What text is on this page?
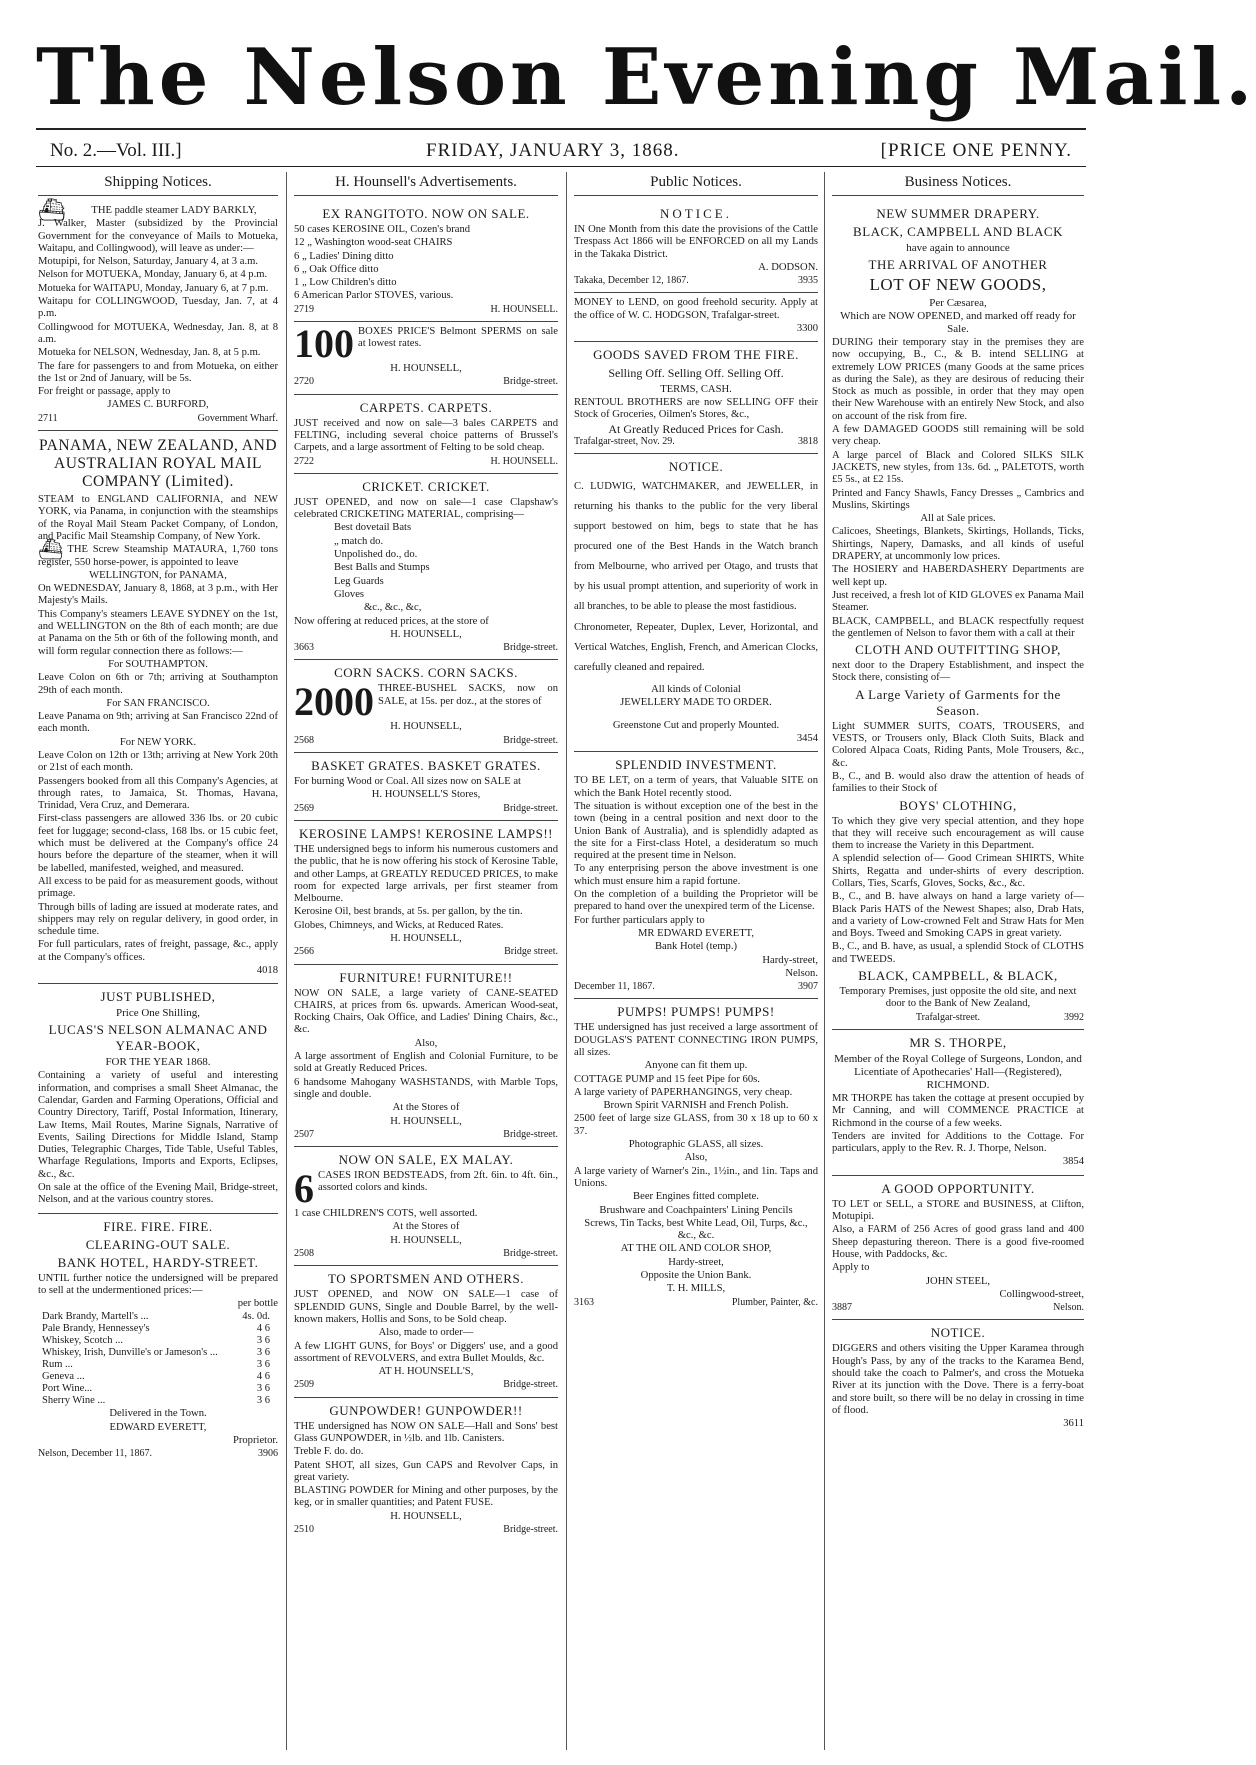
The Nelson Evening Mail.
No. 2.—Vol. III.]	FRIDAY, JANUARY 3, 1868.	[PRICE ONE PENNY.
Shipping Notices.
⛴	THE paddle steamer LADY BARKLY,
J. Walker, Master (subsidized by the Provincial Government for the conveyance of Mails to Motueka, Waitapu, and Collingwood), will leave as under:—
Motupipi, for Nelson, Saturday, January 4, at 3 a.m.
Nelson for MOTUEKA, Monday, January 6, at 4 p.m.
Motueka for WAITAPU, Monday, January 6, at 7 p.m.
Waitapu for COLLINGWOOD, Tuesday, Jan. 7, at 4 p.m.
Collingwood for MOTUEKA, Wednesday, Jan. 8, at 8 a.m.
Motueka for NELSON, Wednesday, Jan. 8, at 5 p.m.
The fare for passengers to and from Motueka, on either the 1st or 2nd of January, will be 5s.
For freight or passage, apply to
JAMES C. BURFORD,
2711	Government Wharf.
PANAMA, NEW ZEALAND, AND AUSTRALIAN ROYAL MAIL COMPANY (Limited).
STEAM to ENGLAND CALIFORNIA, and NEW YORK, via Panama, in conjunction with the steamships of the Royal Mail Steam Packet Company, of London, and Pacific Mail Steamship Company, of New York.
⛴ THE Screw Steamship MATAURA, 1,760 tons register, 550 horse-power, is appointed to leave
WELLINGTON, for PANAMA,
On WEDNESDAY, January 8, 1868, at 3 p.m., with Her Majesty's Mails.
This Company's steamers LEAVE SYDNEY on the 1st, and WELLINGTON on the 8th of each month; are due at Panama on the 5th or 6th of the following month, and will form regular connection there as follows:—
For SOUTHAMPTON.
Leave Colon on 6th or 7th; arriving at Southampton 29th of each month.
For SAN FRANCISCO.
Leave Panama on 9th; arriving at San Francisco 22nd of each month.
For NEW YORK.
Leave Colon on 12th or 13th; arriving at New York 20th or 21st of each month.
Passengers booked from all this Company's Agencies, at through rates, to Jamaica, St. Thomas, Havana, Trinidad, Vera Cruz, and Demerara.
First-class passengers are allowed 336 lbs. or 20 cubic feet for luggage; second-class, 168 lbs. or 15 cubic feet, which must be delivered at the Company's office 24 hours before the departure of the steamer, when it will be labelled, manifested, weighed, and measured.
All excess to be paid for as measurement goods, without primage.
Through bills of lading are issued at moderate rates, and shippers may rely on regular delivery, in good order, in schedule time.
For full particulars, rates of freight, passage, &c., apply at the Company's offices.
4018
JUST PUBLISHED,
Price One Shilling,
LUCAS'S NELSON ALMANAC AND YEAR-BOOK,
FOR THE YEAR 1868.
Containing a variety of useful and interesting information, and comprises a small Sheet Almanac, the Calendar, Garden and Farming Operations, Official and Country Directory, Tariff, Postal Information, Itinerary, Law Items, Mail Routes, Marine Signals, Narrative of Events, Sailing Directions for Middle Island, Stamp Duties, Telegraphic Charges, Tide Table, Useful Tables, Wharfage Regulations, Imports and Exports, Eclipses, &c., &c.
On sale at the office of the Evening Mail, Bridge-street, Nelson, and at the various country stores.
FIRE. FIRE. FIRE.
CLEARING-OUT SALE.
BANK HOTEL, HARDY-STREET.
UNTIL further notice the undersigned will be prepared to sell at the undermentioned prices:—
per bottle
Dark Brandy, Martell's ...	4s. 0d.
Pale Brandy, Hennessey's	4 6
Whiskey, Scotch ...	3 6
Whiskey, Irish, Dunville's or Jameson's ...	3 6
Rum ...	3 6
Geneva ...	4 6
Port Wine...	3 6
Sherry Wine ...	3 6
Delivered in the Town.
EDWARD EVERETT,
Proprietor.
Nelson, December 11, 1867.	3906
H. Hounsell's Advertisements.
EX RANGITOTO. NOW ON SALE.
50 cases KEROSINE OIL, Cozen's brand
12 „ Washington wood-seat CHAIRS
6 „ Ladies' Dining ditto
6 „ Oak Office ditto
1 „ Low Children's ditto
6 American Parlor STOVES, various.
2719	H. HOUNSELL.
100 BOXES PRICE'S Belmont SPERMS on sale at lowest rates.
H. HOUNSELL,
2720	Bridge-street.
CARPETS. CARPETS.
JUST received and now on sale—3 bales CARPETS and FELTING, including several choice patterns of Brussel's Carpets, and a large assortment of Felting to be sold cheap.
2722	H. HOUNSELL.
CRICKET. CRICKET.
JUST OPENED, and now on sale—1 case Clapshaw's celebrated CRICKETING MATERIAL, comprising—
Best dovetail Bats
„ match do.
Unpolished do., do.
Best Balls and Stumps
Leg Guards
Gloves
&c., &c., &c,
Now offering at reduced prices, at the store of
H. HOUNSELL,
3663	Bridge-street.
CORN SACKS. CORN SACKS.
2000 THREE-BUSHEL SACKS, now on SALE, at 15s. per doz., at the stores of
H. HOUNSELL,
2568	Bridge-street.
BASKET GRATES. BASKET GRATES.
For burning Wood or Coal. All sizes now on SALE at
H. HOUNSELL'S Stores,
2569	Bridge-street.
KEROSINE LAMPS! KEROSINE LAMPS!!
THE undersigned begs to inform his numerous customers and the public, that he is now offering his stock of Kerosine Table, and other Lamps, at GREATLY REDUCED PRICES, to make room for expected large arrivals, per first steamer from Melbourne.
Kerosine Oil, best brands, at 5s. per gallon, by the tin.
Globes, Chimneys, and Wicks, at Reduced Rates.
H. HOUNSELL,
2566	Bridge street.
FURNITURE! FURNITURE!!
NOW ON SALE, a large variety of CANE-SEATED CHAIRS, at prices from 6s. upwards. American Wood-seat, Rocking Chairs, Oak Office, and Ladies' Dining Chairs, &c., &c.
Also,
A large assortment of English and Colonial Furniture, to be sold at Greatly Reduced Prices.
6 handsome Mahogany WASHSTANDS, with Marble Tops, single and double.
At the Stores of
H. HOUNSELL,
2507	Bridge-street.
NOW ON SALE, EX MALAY.
6 CASES IRON BEDSTEADS, from 2ft. 6in. to 4ft. 6in., assorted colors and kinds.
1 case CHILDREN'S COTS, well assorted.
At the Stores of
H. HOUNSELL,
2508	Bridge-street.
TO SPORTSMEN AND OTHERS.
JUST OPENED, and NOW ON SALE—1 case of SPLENDID GUNS, Single and Double Barrel, by the well-known makers, Hollis and Sons, to be Sold cheap.
Also, made to order—
A few LIGHT GUNS, for Boys' or Diggers' use, and a good assortment of REVOLVERS, and extra Bullet Moulds, &c.
AT H. HOUNSELL'S,
2509	Bridge-street.
GUNPOWDER! GUNPOWDER!!
THE undersigned has NOW ON SALE—Hall and Sons' best Glass GUNPOWDER, in ½lb. and 1lb. Canisters.
Treble F. do. do.
Patent SHOT, all sizes, Gun CAPS and Revolver Caps, in great variety.
BLASTING POWDER for Mining and other purposes, by the keg, or in smaller quantities; and Patent FUSE.
H. HOUNSELL,
2510	Bridge-street.
Public Notices.
NOTICE.
IN One Month from this date the provisions of the Cattle Trespass Act 1866 will be ENFORCED on all my Lands in the Takaka District.
A. DODSON.
Takaka, December 12, 1867.	3935
MONEY to LEND, on good freehold security. Apply at the office of W. C. HODGSON, Trafalgar-street.
3300
GOODS SAVED FROM THE FIRE.
Selling Off. Selling Off. Selling Off.
TERMS, CASH.
RENTOUL BROTHERS are now SELLING OFF their Stock of Groceries, Oilmen's Stores, &c.,
At Greatly Reduced Prices for Cash.
Trafalgar-street, Nov. 29.	3818
NOTICE.
C. LUDWIG, WATCHMAKER, and JEWELLER, in returning his thanks to the public for the very liberal support bestowed on him, begs to state that he has procured one of the Best Hands in the Watch branch from Melbourne, who arrived per Otago, and trusts that by his usual prompt attention, and superiority of work in all branches, to be able to please the most fastidious.
Chronometer, Repeater, Duplex, Lever, Horizontal, and Vertical Watches, English, French, and American Clocks, carefully cleaned and repaired.
All kinds of Colonial
JEWELLERY MADE TO ORDER.
Greenstone Cut and properly Mounted.
3454
SPLENDID INVESTMENT.
TO BE LET, on a term of years, that Valuable SITE on which the Bank Hotel recently stood.
The situation is without exception one of the best in the town (being in a central position and next door to the Union Bank of Australia), and is splendidly adapted as the site for a First-class Hotel, a desideratum so much required at the present time in Nelson.
To any enterprising person the above investment is one which must ensure him a rapid fortune.
On the completion of a building the Proprietor will be prepared to hand over the unexpired term of the License.
For further particulars apply to
MR EDWARD EVERETT,
Bank Hotel (temp.)
Hardy-street,
Nelson.
December 11, 1867.	3907
PUMPS! PUMPS! PUMPS!
THE undersigned has just received a large assortment of DOUGLAS'S PATENT CONNECTING IRON PUMPS, all sizes.
Anyone can fit them up.
COTTAGE PUMP and 15 feet Pipe for 60s.
A large variety of PAPERHANGINGS, very cheap.
Brown Spirit VARNISH and French Polish.
2500 feet of large size GLASS, from 30 x 18 up to 60 x 37.
Photographic GLASS, all sizes.
Also,
A large variety of Warner's 2in., 1½in., and 1in. Taps and Unions.
Beer Engines fitted complete.
Brushware and Coachpainters' Lining Pencils
Screws, Tin Tacks, best White Lead, Oil, Turps, &c., &c., &c.
AT THE OIL AND COLOR SHOP,
Hardy-street,
Opposite the Union Bank.
T. H. MILLS,
3163	Plumber, Painter, &c.
Business Notices.
NEW SUMMER DRAPERY.
BLACK, CAMPBELL AND BLACK
have again to announce
THE ARRIVAL OF ANOTHER
LOT OF NEW GOODS,
Per Cæsarea,
Which are NOW OPENED, and marked off ready for Sale.
DURING their temporary stay in the premises they are now occupying, B., C., & B. intend SELLING at extremely LOW PRICES (many Goods at the same prices as during the Sale), as they are desirous of reducing their Stock as much as possible, in order that they may open their New Warehouse with an entirely New Stock, and also on account of the risk from fire.
A few DAMAGED GOODS still remaining will be sold very cheap.
A large parcel of Black and Colored SILKS SILK JACKETS, new styles, from 13s. 6d. „ PALETOTS, worth £5 5s., at £2 15s.
Printed and Fancy Shawls, Fancy Dresses „ Cambrics and Muslins, Skirtings
All at Sale prices.
Calicoes, Sheetings, Blankets, Skirtings, Hollands, Ticks, Shirtings, Napery, Damasks, and all kinds of useful DRAPERY, at uncommonly low prices.
The HOSIERY and HABERDASHERY Departments are well kept up.
Just received, a fresh lot of KID GLOVES ex Panama Mail Steamer.
BLACK, CAMPBELL, and BLACK respectfully request the gentlemen of Nelson to favor them with a call at their
CLOTH AND OUTFITTING SHOP,
next door to the Drapery Establishment, and inspect the Stock there, consisting of—
A Large Variety of Garments for the Season.
Light SUMMER SUITS, COATS, TROUSERS, and VESTS, or Trousers only, Black Cloth Suits, Black and Colored Alpaca Coats, Riding Pants, Mole Trousers, &c., &c.
B., C., and B. would also draw the attention of heads of families to their Stock of
BOYS' CLOTHING,
To which they give very special attention, and they hope that they will receive such encouragement as will cause them to increase the Variety in this Department.
A splendid selection of— Good Crimean SHIRTS, White Shirts, Regatta and under-shirts of every description. Collars, Ties, Scarfs, Gloves, Socks, &c., &c.
B., C., and B. have always on hand a large variety of— Black Paris HATS of the Newest Shapes; also, Drab Hats, and a variety of Low-crowned Felt and Straw Hats for Men and Boys. Tweed and Smoking CAPS in great variety.
B., C., and B. have, as usual, a splendid Stock of CLOTHS and TWEEDS.
BLACK, CAMPBELL, & BLACK,
Temporary Premises, just opposite the old site, and next door to the Bank of New Zealand,
Trafalgar-street.	3992
MR S. THORPE,
Member of the Royal College of Surgeons, London, and Licentiate of Apothecaries' Hall—(Registered),
RICHMOND.
MR THORPE has taken the cottage at present occupied by Mr Canning, and will COMMENCE PRACTICE at Richmond in the course of a few weeks.
Tenders are invited for Additions to the Cottage. For particulars, apply to the Rev. R. J. Thorpe, Nelson.
3854
A GOOD OPPORTUNITY.
TO LET or SELL, a STORE and BUSINESS, at Clifton, Motupipi.
Also, a FARM of 256 Acres of good grass land and 400 Sheep depasturing thereon. There is a good five-roomed House, with Paddocks, &c.
Apply to
JOHN STEEL,
Collingwood-street,
3887	Nelson.
NOTICE.
DIGGERS and others visiting the Upper Karamea through Hough's Pass, by any of the tracks to the Karamea Bend, should take the coach to Palmer's, and cross the Motueka River at its junction with the Dove. There is a ferry-boat and store built, so there will be no delay in crossing in time of flood.
3611
